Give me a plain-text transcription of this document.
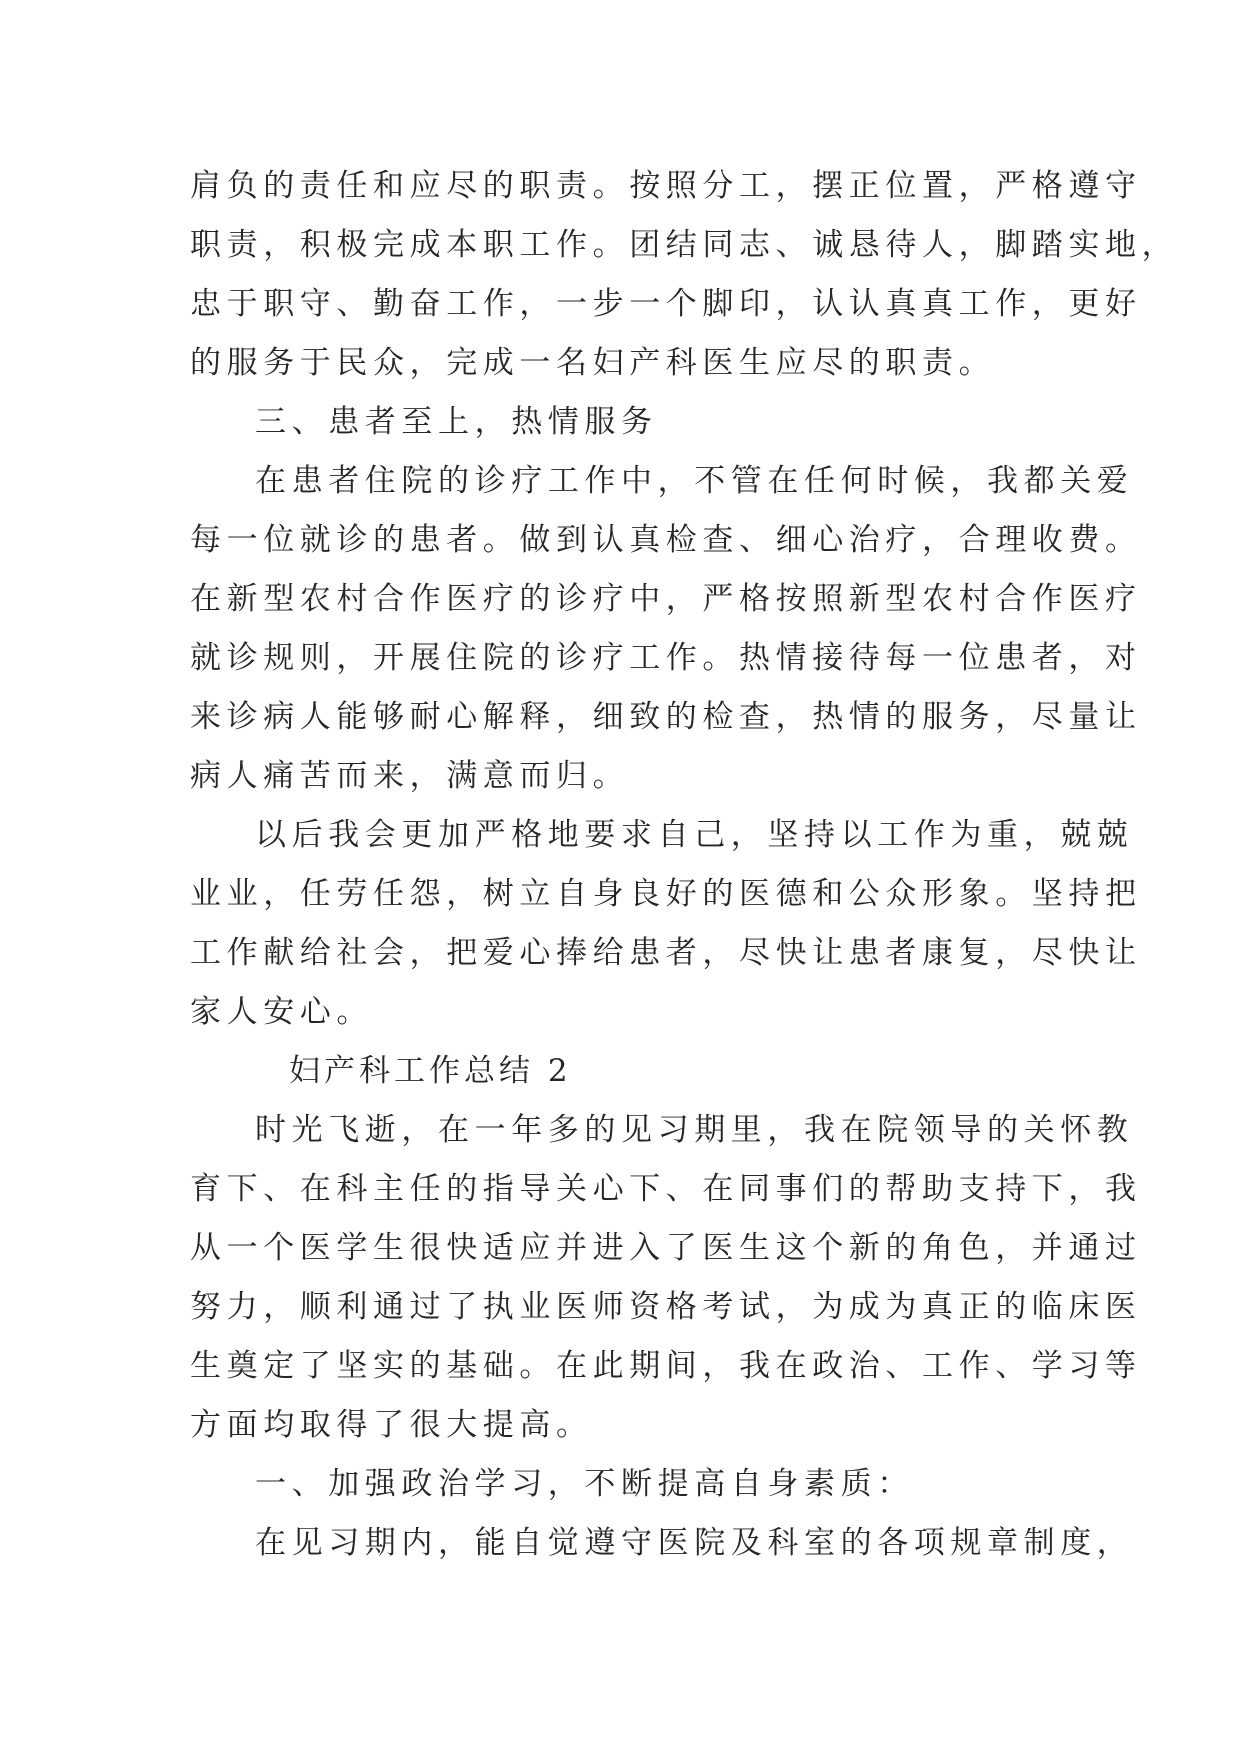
肩负的责任和应尽的职责。按照分工，摆正位置，严格遵守
职责，积极完成本职工作。团结同志、诚恳待人，脚踏实地，
忠于职守、勤奋工作，一步一个脚印，认认真真工作，更好
的服务于民众，完成一名妇产科医生应尽的职责。
三、患者至上，热情服务
在患者住院的诊疗工作中，不管在任何时候，我都关爱
每一位就诊的患者。做到认真检查、细心治疗，合理收费。
在新型农村合作医疗的诊疗中，严格按照新型农村合作医疗
就诊规则，开展住院的诊疗工作。热情接待每一位患者，对
来诊病人能够耐心解释，细致的检查，热情的服务，尽量让
病人痛苦而来，满意而归。
以后我会更加严格地要求自己，坚持以工作为重，兢兢
业业，任劳任怨，树立自身良好的医德和公众形象。坚持把
工作献给社会，把爱心捧给患者，尽快让患者康复，尽快让
家人安心。
妇产科工作总结 2
时光飞逝，在一年多的见习期里，我在院领导的关怀教
育下、在科主任的指导关心下、在同事们的帮助支持下，我
从一个医学生很快适应并进入了医生这个新的角色，并通过
努力，顺利通过了执业医师资格考试，为成为真正的临床医
生奠定了坚实的基础。在此期间，我在政治、工作、学习等
方面均取得了很大提高。
一、加强政治学习，不断提高自身素质：
在见习期内，能自觉遵守医院及科室的各项规章制度，
